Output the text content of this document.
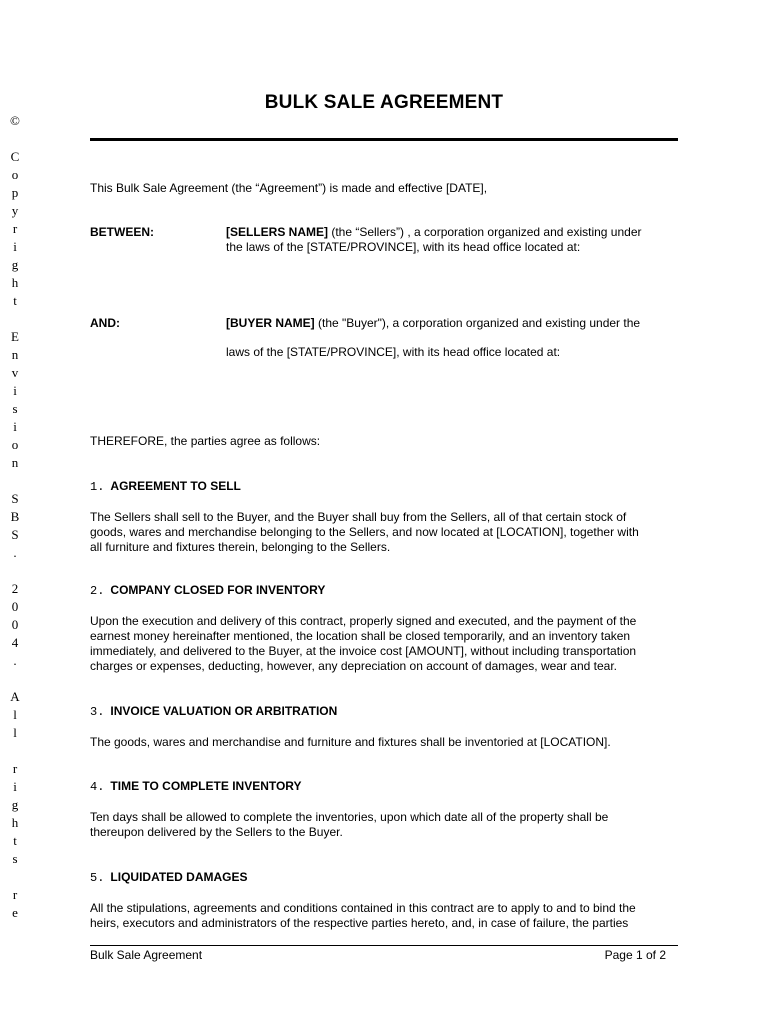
©

C
o
p
y
r
i
g
h
t

E
n
v
i
s
i
o
n

S
B
S
.

2
0
0
4
.

A
l
l

r
i
g
h
t
s

r
e
BULK SALE AGREEMENT
This Bulk Sale Agreement (the “Agreement”) is made and effective [DATE],
BETWEEN:	[SELLERS NAME] (the “Sellers”) , a corporation organized and existing under
the laws of the [STATE/PROVINCE], with its head office located at:
AND:	[BUYER NAME] (the "Buyer"), a corporation organized and existing under the
laws of the [STATE/PROVINCE], with its head office located at:
THEREFORE, the parties agree as follows:
1. AGREEMENT TO SELL
The Sellers shall sell to the Buyer, and the Buyer shall buy from the Sellers, all of that certain stock of
goods, wares and merchandise belonging to the Sellers, and now located at [LOCATION], together with
all furniture and fixtures therein, belonging to the Sellers.
2. COMPANY CLOSED FOR INVENTORY
Upon the execution and delivery of this contract, properly signed and executed, and the payment of the
earnest money hereinafter mentioned, the location shall be closed temporarily, and an inventory taken
immediately, and delivered to the Buyer, at the invoice cost [AMOUNT], without including transportation
charges or expenses, deducting, however, any depreciation on account of damages, wear and tear.
3. INVOICE VALUATION OR ARBITRATION
The goods, wares and merchandise and furniture and fixtures shall be inventoried at [LOCATION].
4. TIME TO COMPLETE INVENTORY
Ten days shall be allowed to complete the inventories, upon which date all of the property shall be
thereupon delivered by the Sellers to the Buyer.
5. LIQUIDATED DAMAGES
All the stipulations, agreements and conditions contained in this contract are to apply to and to bind the
heirs, executors and administrators of the respective parties hereto, and, in case of failure, the parties
Bulk Sale Agreement	Page 1 of 2
